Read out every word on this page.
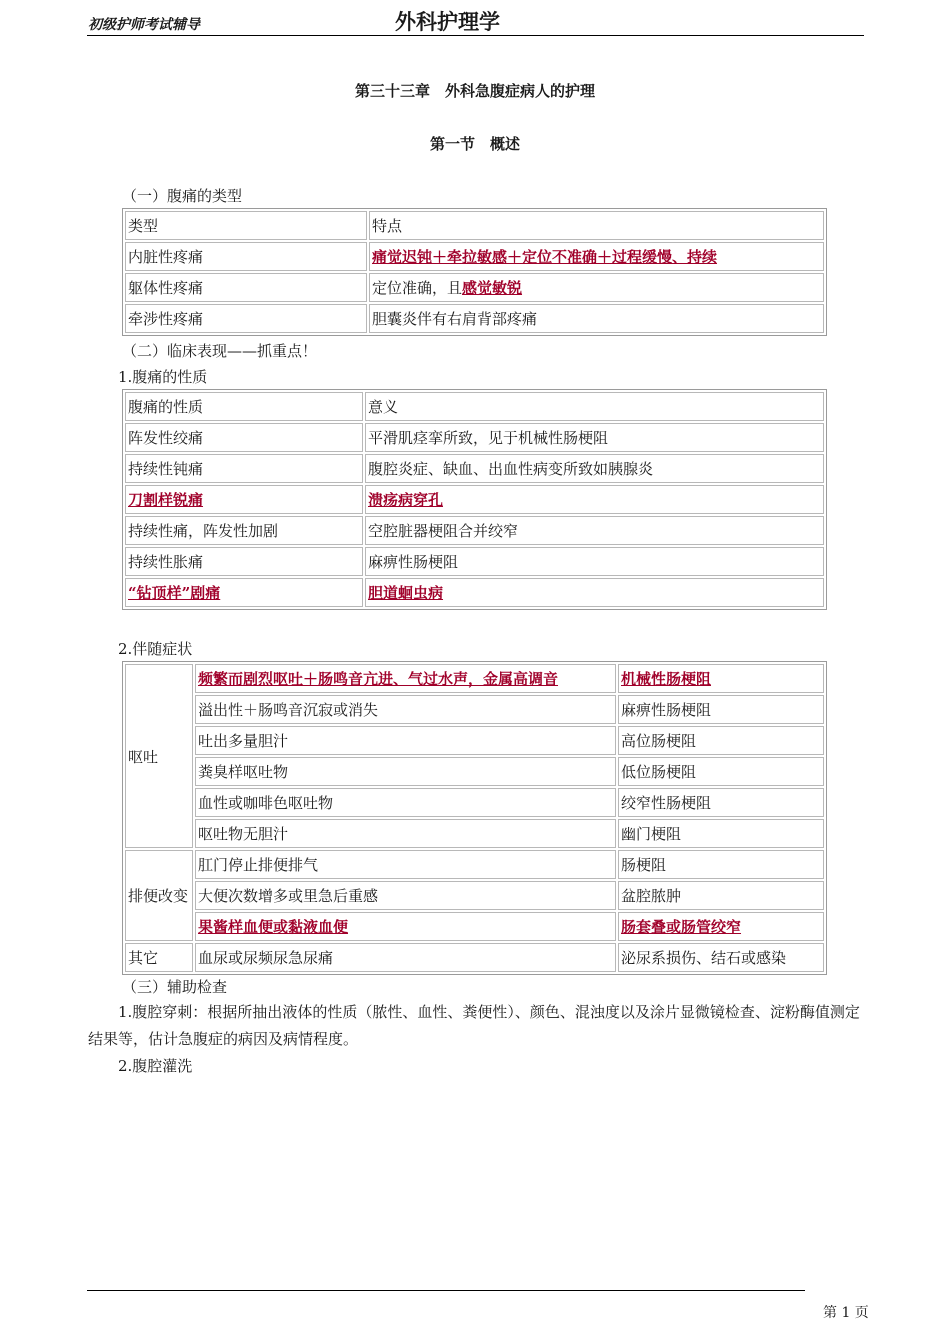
初级护师考试辅导	外科护理学
第三十三章　外科急腹症病人的护理
第一节　概述
（一）腹痛的类型
类型	特点
内脏性疼痛	痛觉迟钝＋牵拉敏感＋定位不准确＋过程缓慢、持续
躯体性疼痛	定位准确，且感觉敏锐
牵涉性疼痛	胆囊炎伴有右肩背部疼痛
（二）临床表现——抓重点！
1.腹痛的性质
腹痛的性质	意义
阵发性绞痛	平滑肌痉挛所致，见于机械性肠梗阻
持续性钝痛	腹腔炎症、缺血、出血性病变所致如胰腺炎
刀割样锐痛	溃疡病穿孔
持续性痛，阵发性加剧	空腔脏器梗阻合并绞窄
持续性胀痛	麻痹性肠梗阻
“钻顶样”剧痛	胆道蛔虫病
2.伴随症状
呕吐	频繁而剧烈呕吐＋肠鸣音亢进、气过水声，金属高调音	机械性肠梗阻
	溢出性＋肠鸣音沉寂或消失	麻痹性肠梗阻
	吐出多量胆汁	高位肠梗阻
	粪臭样呕吐物	低位肠梗阻
	血性或咖啡色呕吐物	绞窄性肠梗阻
	呕吐物无胆汁	幽门梗阻
排便改变	肛门停止排便排气	肠梗阻
	大便次数增多或里急后重感	盆腔脓肿
	果酱样血便或黏液血便	肠套叠或肠管绞窄
其它	血尿或尿频尿急尿痛	泌尿系损伤、结石或感染
（三）辅助检查
1.腹腔穿刺：根据所抽出液体的性质（脓性、血性、粪便性）、颜色、混浊度以及涂片显微镜检查、淀粉酶值测定结果等，估计急腹症的病因及病情程度。
2.腹腔灌洗
第 1 页
